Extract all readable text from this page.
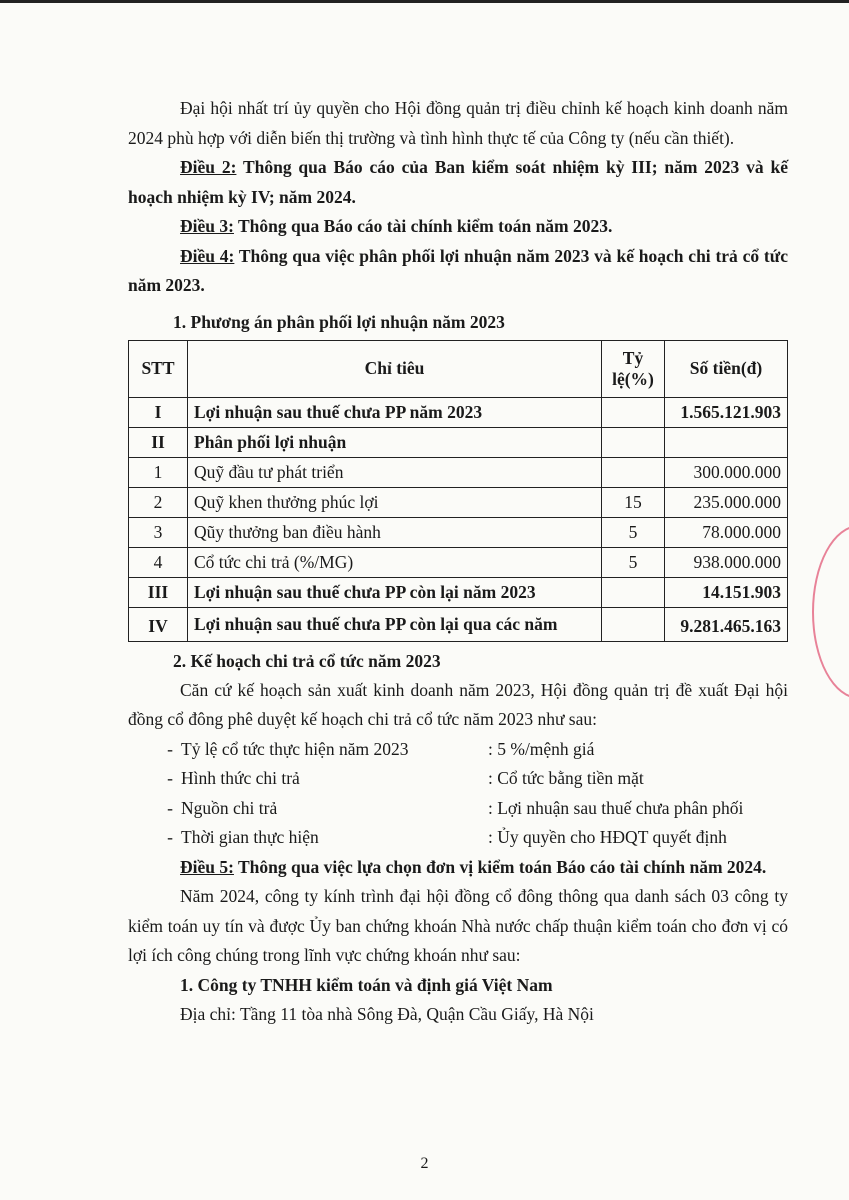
Đại hội nhất trí ủy quyền cho Hội đồng quản trị điều chỉnh kế hoạch kinh doanh năm 2024 phù hợp với diễn biến thị trường và tình hình thực tế của Công ty (nếu cần thiết).

Điều 2: Thông qua Báo cáo của Ban kiểm soát nhiệm kỳ III; năm 2023 và kế hoạch nhiệm kỳ IV; năm 2024.

Điều 3: Thông qua Báo cáo tài chính kiểm toán năm 2023.

Điều 4: Thông qua việc phân phối lợi nhuận năm 2023 và kế hoạch chi trả cổ tức năm 2023.

1. Phương án phân phối lợi nhuận năm 2023

STT	Chỉ tiêu	Tỷ lệ(%)	Số tiền(đ)
I	Lợi nhuận sau thuế chưa PP năm 2023		1.565.121.903
II	Phân phối lợi nhuận		
1	Quỹ đầu tư phát triển		300.000.000
2	Quỹ khen thưởng phúc lợi	15	235.000.000
3	Qũy thưởng ban điều hành	5	78.000.000
4	Cổ tức chi trả (%/MG)	5	938.000.000
III	Lợi nhuận sau thuế chưa PP còn lại năm 2023		14.151.903
IV	Lợi nhuận sau thuế chưa PP còn lại qua các năm		9.281.465.163

2. Kế hoạch chi trả cổ tức năm 2023

Căn cứ kế hoạch sản xuất kinh doanh năm 2023, Hội đồng quản trị đề xuất Đại hội đồng cổ đông phê duyệt kế hoạch chi trả cổ tức năm 2023 như sau:

- Tỷ lệ cổ tức thực hiện năm 2023	: 5 %/mệnh giá
- Hình thức chi trả	: Cổ tức bằng tiền mặt
- Nguồn chi trả	: Lợi nhuận sau thuế chưa phân phối
- Thời gian thực hiện	: Ủy quyền cho HĐQT quyết định

Điều 5: Thông qua việc lựa chọn đơn vị kiểm toán Báo cáo tài chính năm 2024.

Năm 2024, công ty kính trình đại hội đồng cổ đông thông qua danh sách 03 công ty kiểm toán uy tín và được Ủy ban chứng khoán Nhà nước chấp thuận kiểm toán cho đơn vị có lợi ích công chúng trong lĩnh vực chứng khoán như sau:

1. Công ty TNHH kiểm toán và định giá Việt Nam

Địa chỉ: Tầng 11 tòa nhà Sông Đà, Quận Cầu Giấy, Hà Nội

2
